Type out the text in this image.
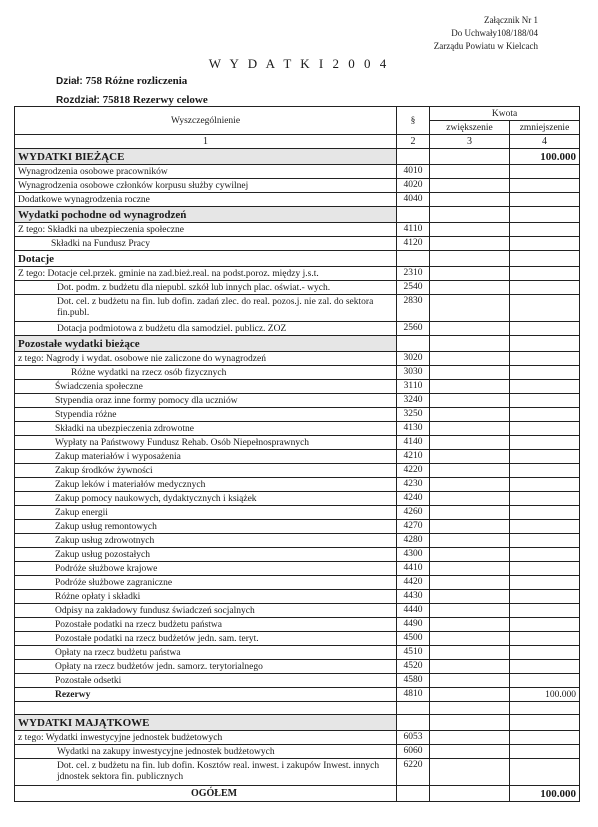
Załącznik Nr 1
Do Uchwały108/188/04
Zarządu Powiatu w Kielcach
W Y D A T K I 2 0 0 4
Dział: 758 Różne rozliczenia
Rozdział: 75818 Rezerwy celowe
Wyszczególnienie	§	Kwota	
		zwiększenie	zmniejszenie
1	2	3	4
WYDATKI BIEŻĄCE			100.000
Wynagrodzenia osobowe pracowników	4010		
Wynagrodzenia osobowe członków korpusu służby cywilnej	4020		
Dodatkowe wynagrodzenia roczne	4040		
Wydatki pochodne od wynagrodzeń			
Z tego: Składki na ubezpieczenia społeczne	4110		
Składki na Fundusz Pracy	4120		
Dotacje			
Z tego: Dotacje cel.przek. gminie na zad.bież.real. na podst.poroz. między j.s.t.	2310		
Dot. podm. z budżetu dla niepubl. szkół lub innych plac. oświat.- wych.	2540		
Dot. cel. z budżetu na fin. lub dofin. zadań zlec. do real. pozos.j. nie zal. do sektora fin.publ.	2830		
Dotacja podmiotowa z budżetu dla samodziel. publicz. ZOZ	2560		
Pozostałe wydatki bieżące			
z tego: Nagrody i wydat. osobowe nie zaliczone do wynagrodzeń	3020		
Różne wydatki na rzecz osób fizycznych	3030		
Świadczenia społeczne	3110		
Stypendia oraz inne formy pomocy dla uczniów	3240		
Stypendia różne	3250		
Składki na ubezpieczenia zdrowotne	4130		
Wypłaty na Państwowy Fundusz Rehab. Osób Niepełnosprawnych	4140		
Zakup materiałów i wyposażenia	4210		
Zakup środków żywności	4220		
Zakup leków i materiałów medycznych	4230		
Zakup pomocy naukowych, dydaktycznych i książek	4240		
Zakup energii	4260		
Zakup usług remontowych	4270		
Zakup usług zdrowotnych	4280		
Zakup usług pozostałych	4300		
Podróże służbowe krajowe	4410		
Podróże służbowe zagraniczne	4420		
Różne opłaty i składki	4430		
Odpisy na zakładowy fundusz świadczeń socjalnych	4440		
Pozostałe podatki na rzecz budżetu państwa	4490		
Pozostałe podatki na rzecz budżetów jedn. sam. teryt.	4500		
Opłaty na rzecz budżetu państwa	4510		
Opłaty na rzecz budżetów jedn. samorz. terytorialnego	4520		
Pozostałe odsetki	4580		
Rezerwy	4810		100.000

WYDATKI MAJĄTKOWE			
z tego: Wydatki inwestycyjne jednostek budżetowych	6053		
Wydatki na zakupy inwestycyjne jednostek budżetowych	6060		
Dot. cel. z budżetu na fin. lub dofin. Kosztów real. inwest. i zakupów Inwest. innych jdnostek sektora fin. publicznych	6220		
OGÓŁEM			100.000
